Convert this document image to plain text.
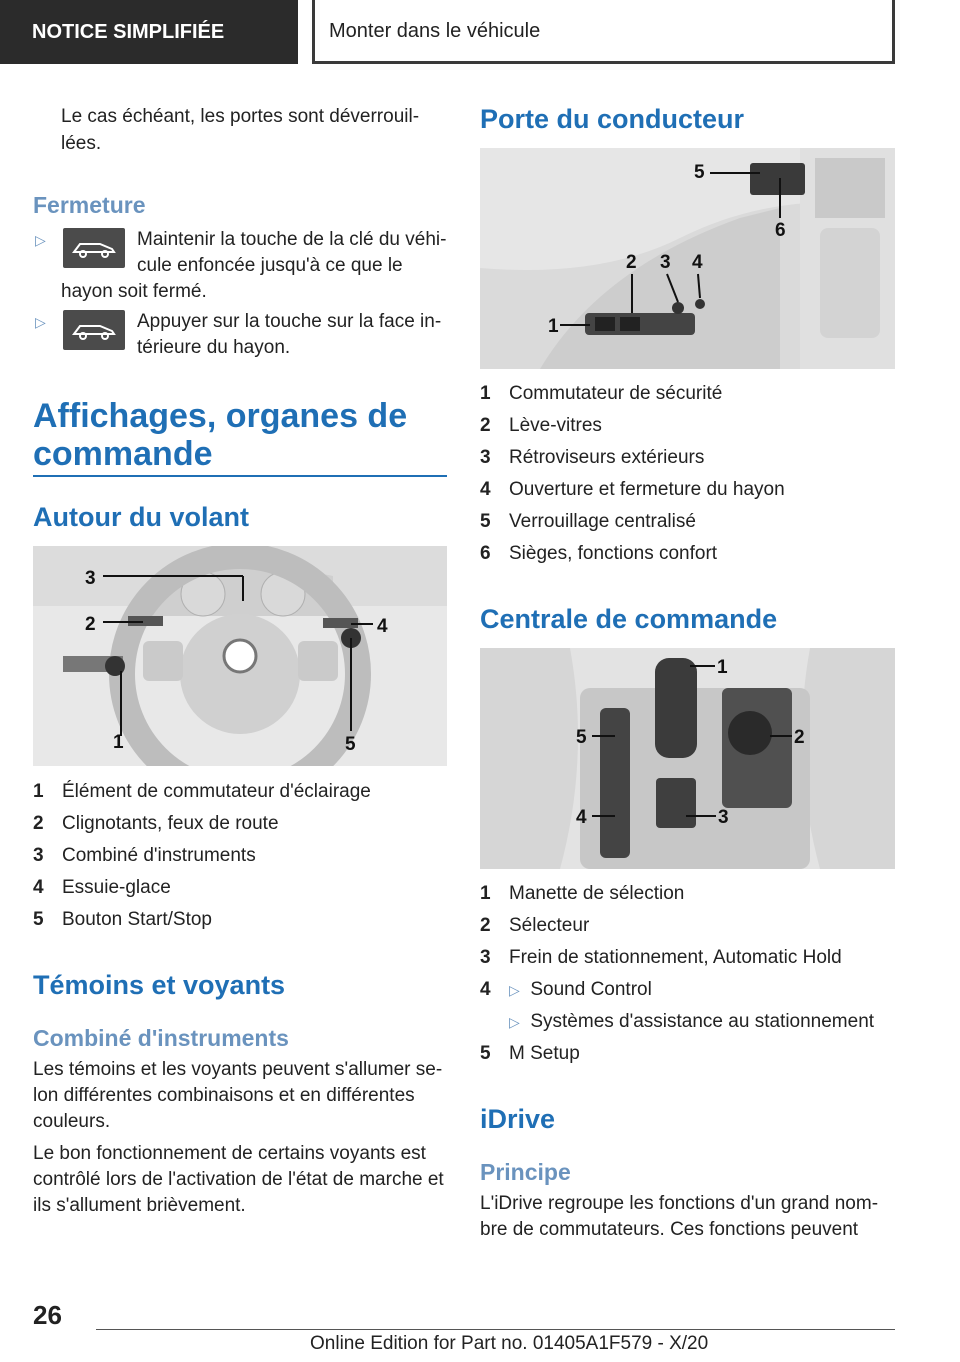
NOTICE SIMPLIFIÉE	Monter dans le véhicule

Le cas échéant, les portes sont déverrouil-

lées.

Fermeture
▷	Maintenir la touche de la clé du véhi-

cule enfoncée jusqu'à ce que le

hayon soit fermé.

▷	Appuyer sur la touche sur la face in-

térieure du hayon.

Affichages, organes de
commande
Autour du volant
3
2	4
1	5
1 Élément de commutateur d'éclairage
2 Clignotants, feux de route
3 Combiné d'instruments
4 Essuie-glace
5 Bouton Start/Stop
Témoins et voyants
Combiné d'instruments

Les témoins et les voyants peuvent s'allumer se-

lon différentes combinaisons et en différentes

couleurs.

Le bon fonctionnement de certains voyants est

contrôlé lors de l'activation de l'état de marche et

ils s'allument brièvement.

Porte du conducteur
5
6
2 3 4
1
1 Commutateur de sécurité
2 Lève-vitres
3 Rétroviseurs extérieurs
4 Ouverture et fermeture du hayon
5 Verrouillage centralisé
6 Sièges, fonctions confort
Centrale de commande
1
2
3
4
5
1 Manette de sélection
2 Sélecteur
3 Frein de stationnement, Automatic Hold
4 ▷ Sound Control
▷ Systèmes d'assistance au stationnement
5 M Setup
iDrive
Principe

L'iDrive regroupe les fonctions d'un grand nom-

bre de commutateurs. Ces fonctions peuvent

26
Online Edition for Part no. 01405A1F579 - X/20
